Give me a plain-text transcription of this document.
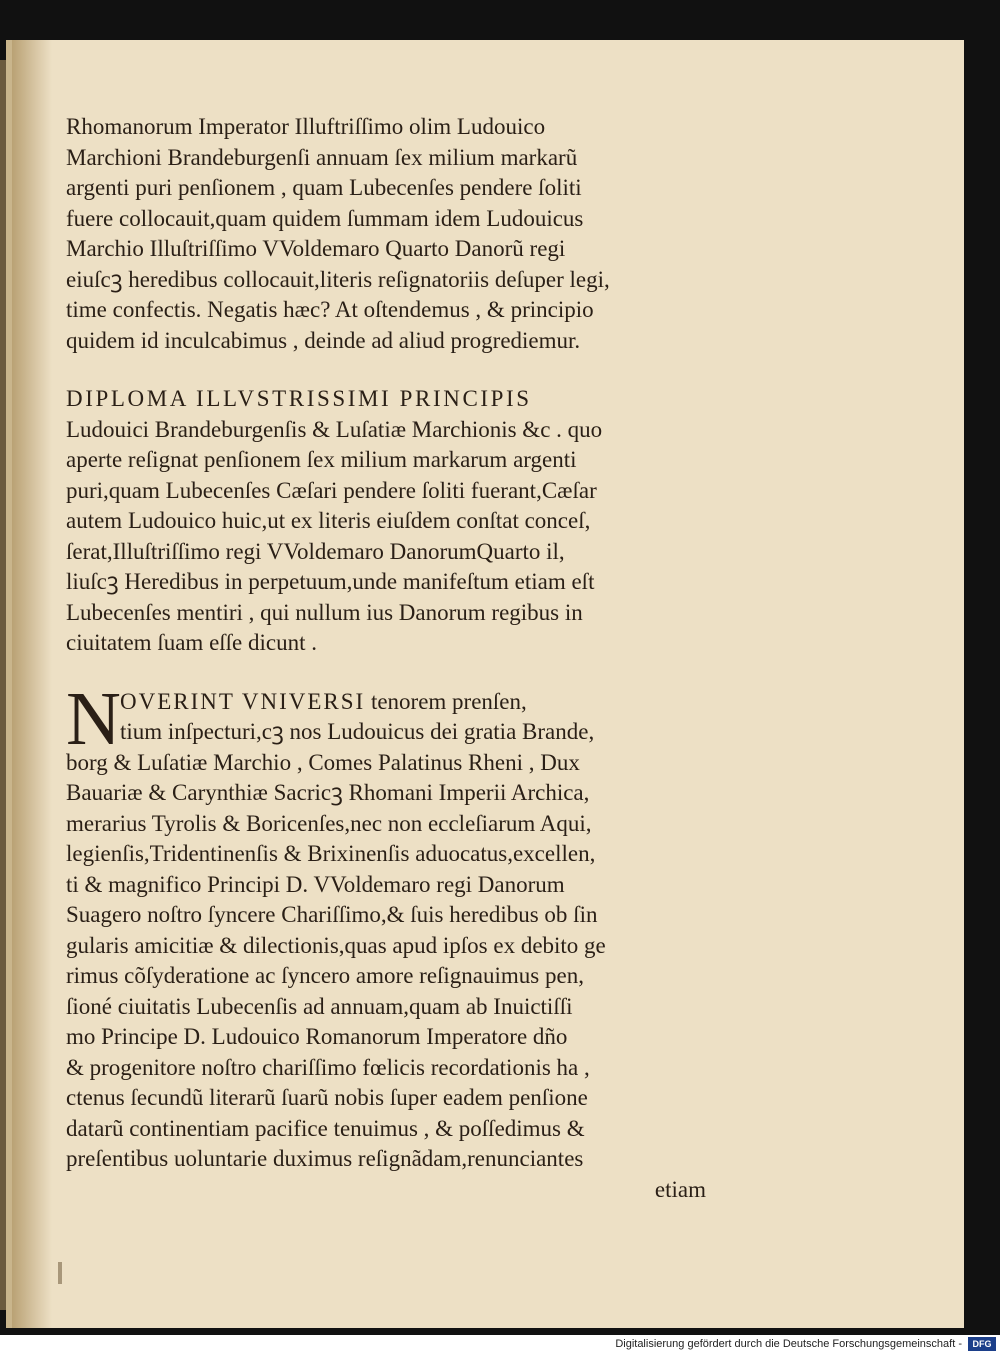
Rhomanorum Imperator Illuftriſſimo olim Ludouico
Marchioni Brandeburgenſi annuam ſex milium markarũ
argenti puri penſionem , quam Lubecenſes pendere ſoliti
fuere collocauit,quam quidem ſummam idem Ludouicus
Marchio Illuſtriſſimo VVoldemaro Quarto Danorũ regi
eiuſcꝫ heredibus collocauit,literis reſignatoriis deſuper legi,
time confectis. Negatis hæc? At oſtendemus , & principio
quidem id inculcabimus , deinde ad aliud progrediemur.
DIPLOMA ILLVSTRISSIMI PRINCIPIS
Ludouici Brandeburgenſis & Luſatiæ Marchionis &c . quo
aperte reſignat penſionem ſex milium markarum argenti
puri,quam Lubecenſes Cæſari pendere ſoliti fuerant,Cæſar
autem Ludouico huic,ut ex literis eiuſdem conſtat conceſ,
ſerat,Illuſtriſſimo regi VVoldemaro DanorumQuarto il,
liuſcꝫ Heredibus in perpetuum,unde manifeſtum etiam eſt
Lubecenſes mentiri , qui nullum ius Danorum regibus in
ciuitatem ſuam eſſe dicunt .
N OVERINT VNIVERSI tenorem prenſen,
tium inſpecturi,cꝫ nos Ludouicus dei gratia Brande,
borg & Luſatiæ Marchio , Comes Palatinus Rheni , Dux
Bauariæ & Carynthiæ Sacricꝫ Rhomani Imperii Archica,
merarius Tyrolis & Boricenſes,nec non eccleſiarum Aqui,
legienſis,Tridentinenſis & Brixinenſis aduocatus,excellen,
ti & magnifico Principi D. VVoldemaro regi Danorum
Suagero noſtro ſyncere Chariſſimo,& ſuis heredibus ob ſin
gularis amicitiæ & dilectionis,quas apud ipſos ex debito ge
rimus cõſyderatione ac ſyncero amore reſignauimus pen,
ſioné ciuitatis Lubecenſis ad annuam,quam ab Inuictiſſi
mo Principe D. Ludouico Romanorum Imperatore dño
& progenitore noſtro chariſſimo fœlicis recordationis ha ,
ctenus ſecundũ literarũ ſuarũ nobis ſuper eadem penſione
datarũ continentiam pacifice tenuimus , & poſſedimus &
preſentibus uoluntarie duximus reſignãdam,renunciantes
etiam
Digitalisierung gefördert durch die Deutsche Forschungsgemeinschaft -	DFG
